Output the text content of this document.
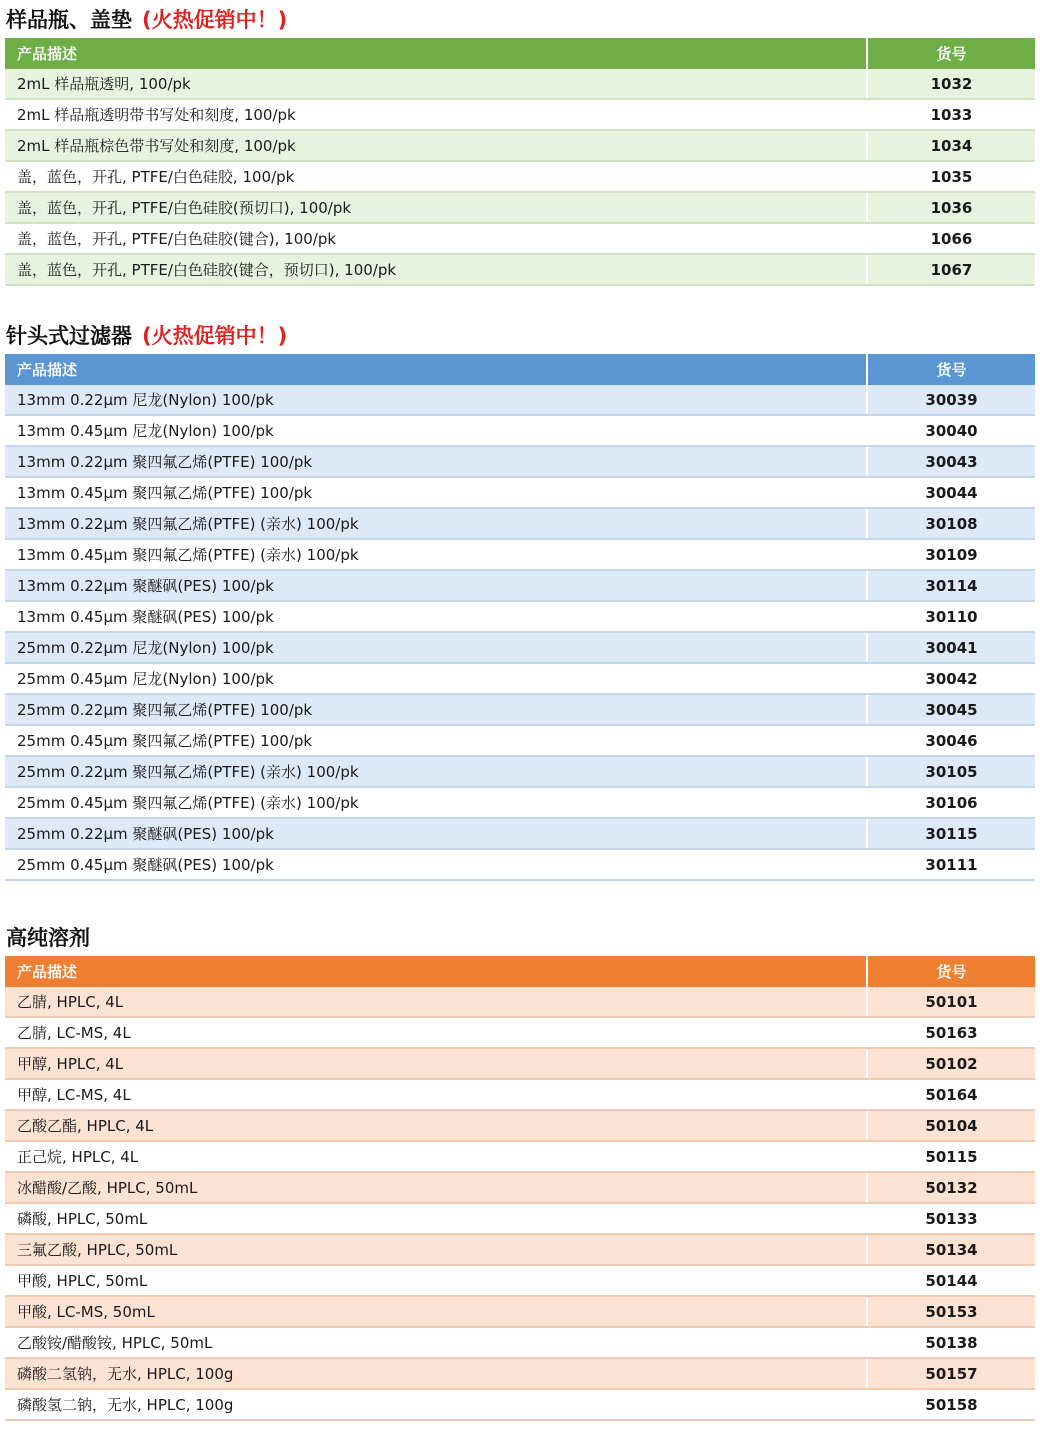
样品瓶、盖垫 (火热促销中！)
产品描述	货号
2mL 样品瓶透明, 100/pk	1032
2mL 样品瓶透明带书写处和刻度, 100/pk	1033
2mL 样品瓶棕色带书写处和刻度, 100/pk	1034
盖，蓝色，开孔, PTFE/白色硅胶, 100/pk	1035
盖，蓝色，开孔, PTFE/白色硅胶(预切口), 100/pk	1036
盖，蓝色，开孔, PTFE/白色硅胶(键合), 100/pk	1066
盖，蓝色，开孔, PTFE/白色硅胶(键合，预切口), 100/pk	1067
针头式过滤器 (火热促销中！)
产品描述	货号
13mm 0.22μm 尼龙(Nylon) 100/pk	30039
13mm 0.45μm 尼龙(Nylon) 100/pk	30040
13mm 0.22μm 聚四氟乙烯(PTFE) 100/pk	30043
13mm 0.45μm 聚四氟乙烯(PTFE) 100/pk	30044
13mm 0.22μm 聚四氟乙烯(PTFE) (亲水) 100/pk	30108
13mm 0.45μm 聚四氟乙烯(PTFE) (亲水) 100/pk	30109
13mm 0.22μm 聚醚砜(PES) 100/pk	30114
13mm 0.45μm 聚醚砜(PES) 100/pk	30110
25mm 0.22μm 尼龙(Nylon) 100/pk	30041
25mm 0.45μm 尼龙(Nylon) 100/pk	30042
25mm 0.22μm 聚四氟乙烯(PTFE) 100/pk	30045
25mm 0.45μm 聚四氟乙烯(PTFE) 100/pk	30046
25mm 0.22μm 聚四氟乙烯(PTFE) (亲水) 100/pk	30105
25mm 0.45μm 聚四氟乙烯(PTFE) (亲水) 100/pk	30106
25mm 0.22μm 聚醚砜(PES) 100/pk	30115
25mm 0.45μm 聚醚砜(PES) 100/pk	30111
高纯溶剂
产品描述	货号
乙腈, HPLC, 4L	50101
乙腈, LC-MS, 4L	50163
甲醇, HPLC, 4L	50102
甲醇, LC-MS, 4L	50164
乙酸乙酯, HPLC, 4L	50104
正己烷, HPLC, 4L	50115
冰醋酸/乙酸, HPLC, 50mL	50132
磷酸, HPLC, 50mL	50133
三氟乙酸, HPLC, 50mL	50134
甲酸, HPLC, 50mL	50144
甲酸, LC-MS, 50mL	50153
乙酸铵/醋酸铵, HPLC, 50mL	50138
磷酸二氢钠，无水, HPLC, 100g	50157
磷酸氢二钠，无水, HPLC, 100g	50158
